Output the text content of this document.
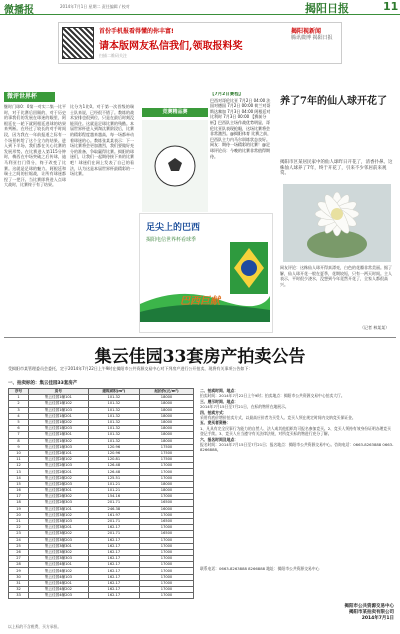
微播报	2014年7月1日 星期二 责任编辑 / 校对	揭阳日报	11
首份手机报看得懂的你丰富!
请本版网友私信我们,领取报料奖
扫描二维码关注
揭阳视新闻
腾讯微博 揭阳日报
微评世界杯
继时门球0：0第一对实二集一比平时，对于比赛后回顾的，对于历史的事我们的发展在球迷的眼里，阿根廷在一轮下就阿根廷进球的结果来判断。在经过了较长的对手时间段，因为我在一年前报道之际有一个场景转给了这个全力的结果。进入到下半场，我们都在关心比赛的发展形势。在比赛进入第115分钟时，梅西在中场突破之后传球，迪马利亚打门得分，终于改变了比赛。这就是足球的魅力。阿根廷和瑞士之间的拉锯战，让所有球迷都捏了一把汗。当比赛即将进入点球大战时，比赛终于有了结果。
比分为1比0。对于第一次晋级的瑞士队来说，已经很不错了。教练的战术安排也很到位，只是在最后时刻没能顶住。这就是足球比赛的残酷。本届世界杯进入到淘汰赛阶段后，比赛的精彩程度越来越高，每一场都牵动着球迷的心。教练张某某表示：下一场比赛将会更加激烈，我们要做好充分的准备，争取赢得比赛。揭阳的球迷们，让我们一起期待接下来的比赛吧！球迷们在网上发表了自己的看法，认为这是本届世界杯最精彩的一场比赛。
竞赛精品赛
【7月2日赛程】
巴西对哥伦比亚 7月2日 04:00 法国对德国 7月2日 00:00 荷兰对哥斯达黎加 7月3日 04:00 阿根廷对比利时 7月3日 00:00 【赛前分析】巴西队主场作战优势明显，哥伦比亚队表现抢眼，这场比赛将会非常激烈。@揭阳体育 比赛之前，巴西队主力内马尔训练状态良好。网友：期待一场精彩的比赛！@足球评论员：今晚的比赛非常值得期待。
足尖上的巴西
揭阳电信世界杯看球季
巴西巨献
养了7年的仙人球开花了
揭阳市区某居民家中的仙人球昨日开花了，清香扑鼻。这株仙人球养了7年，终于开花了，引来不少邻居前来观赏。
网友评论：这株仙人球开得真漂亮，白色的花瓣非常美丽。据了解，仙人球开花一般在夏季，花期较短，只有一两天时间。主人表示，平时很少浇水，没想到今年竟然开花了，全家人都很高兴。
（记者 林某某）
集云佳园33套房产拍卖公告
受揭阳市某管理委员会委托，定于2014年7月22日上午9时在揭阳市公共资源交易中心对下列房产进行公开拍卖，现将有关事项公告如下：
一、拍卖标的：集云佳园33套房产
序号	房号	建筑面积(m²)	起拍价(元/m²)
1	集云佳园1幢101	101.32	18000
2	集云佳园1幢102	101.32	18000
3	集云佳园1幢103	101.32	18000
4	集云佳园1幢201	101.32	18000
5	集云佳园1幢202	101.32	18000
6	集云佳园1幢203	101.32	18000
7	集云佳园1幢301	101.32	18000
8	集云佳园1幢302	101.32	18000
9	集云佳园1幢303	120.96	17500
10	集云佳园2幢101	120.96	17500
11	集云佳园2幢102	120.81	17500
12	集云佳园2幢103	126.48	17000
13	集云佳园2幢201	126.48	17000
14	集云佳园2幢202	125.51	17000
15	集云佳园2幢203	101.21	18000
16	集云佳园2幢301	101.21	18000
17	集云佳园2幢302	154.16	17000
18	集云佳园2幢303	201.71	16500
19	集云佳园3幢101	246.38	16000
20	集云佳园3幢102	161.97	17000
21	集云佳园3幢103	201.71	16500
22	集云佳园3幢201	162.17	17000
23	集云佳园3幢202	201.71	16500
24	集云佳园3幢203	162.17	17000
25	集云佳园3幢301	162.17	17000
26	集云佳园3幢302	162.17	17000
27	集云佳园3幢303	162.17	17000
28	集云佳园4幢101	162.17	17000
29	集云佳园4幢102	162.17	17000
30	集云佳园4幢103	162.17	17000
31	集云佳园4幢201	162.17	17000
32	集云佳园4幢202	162.17	17000
33	集云佳园4幢203	162.17	17000
二、拍卖时间、地点：
拍卖时间：2014年7月22日上午9时；拍卖地点：揭阳市公共资源交易中心拍卖大厅。
三、展示时间、地点：
2014年7月15日至7月21日，在标的物所在地展示。
四、拍卖方式：
采用有底价增价拍卖方式，以最高应价者为买受人。竞买人须在规定时间内交纳竞买保证金。
五、竞买者资格：
1、凡具有完全民事行为能力的自然人、法人或其他组织均可报名参加竞买。2、竞买人须持有效身份证明办理竞买登记手续。3、竞买人应当遵守有关法律法规，对所竞买标的物进行充分了解。
六、报名时间及地点：
报名时间：2014年7月15日至7月21日；报名地点：揭阳市公共资源交易中心。咨询电话：0663-8263888 0663-8266888。
联系电话：0663-8263888 8266888 地址：揭阳市公共资源交易中心
揭阳市公共资源交易中心
揭阳市某拍卖有限公司
2014年7月1日
以上标的不含税费，买方承担。
